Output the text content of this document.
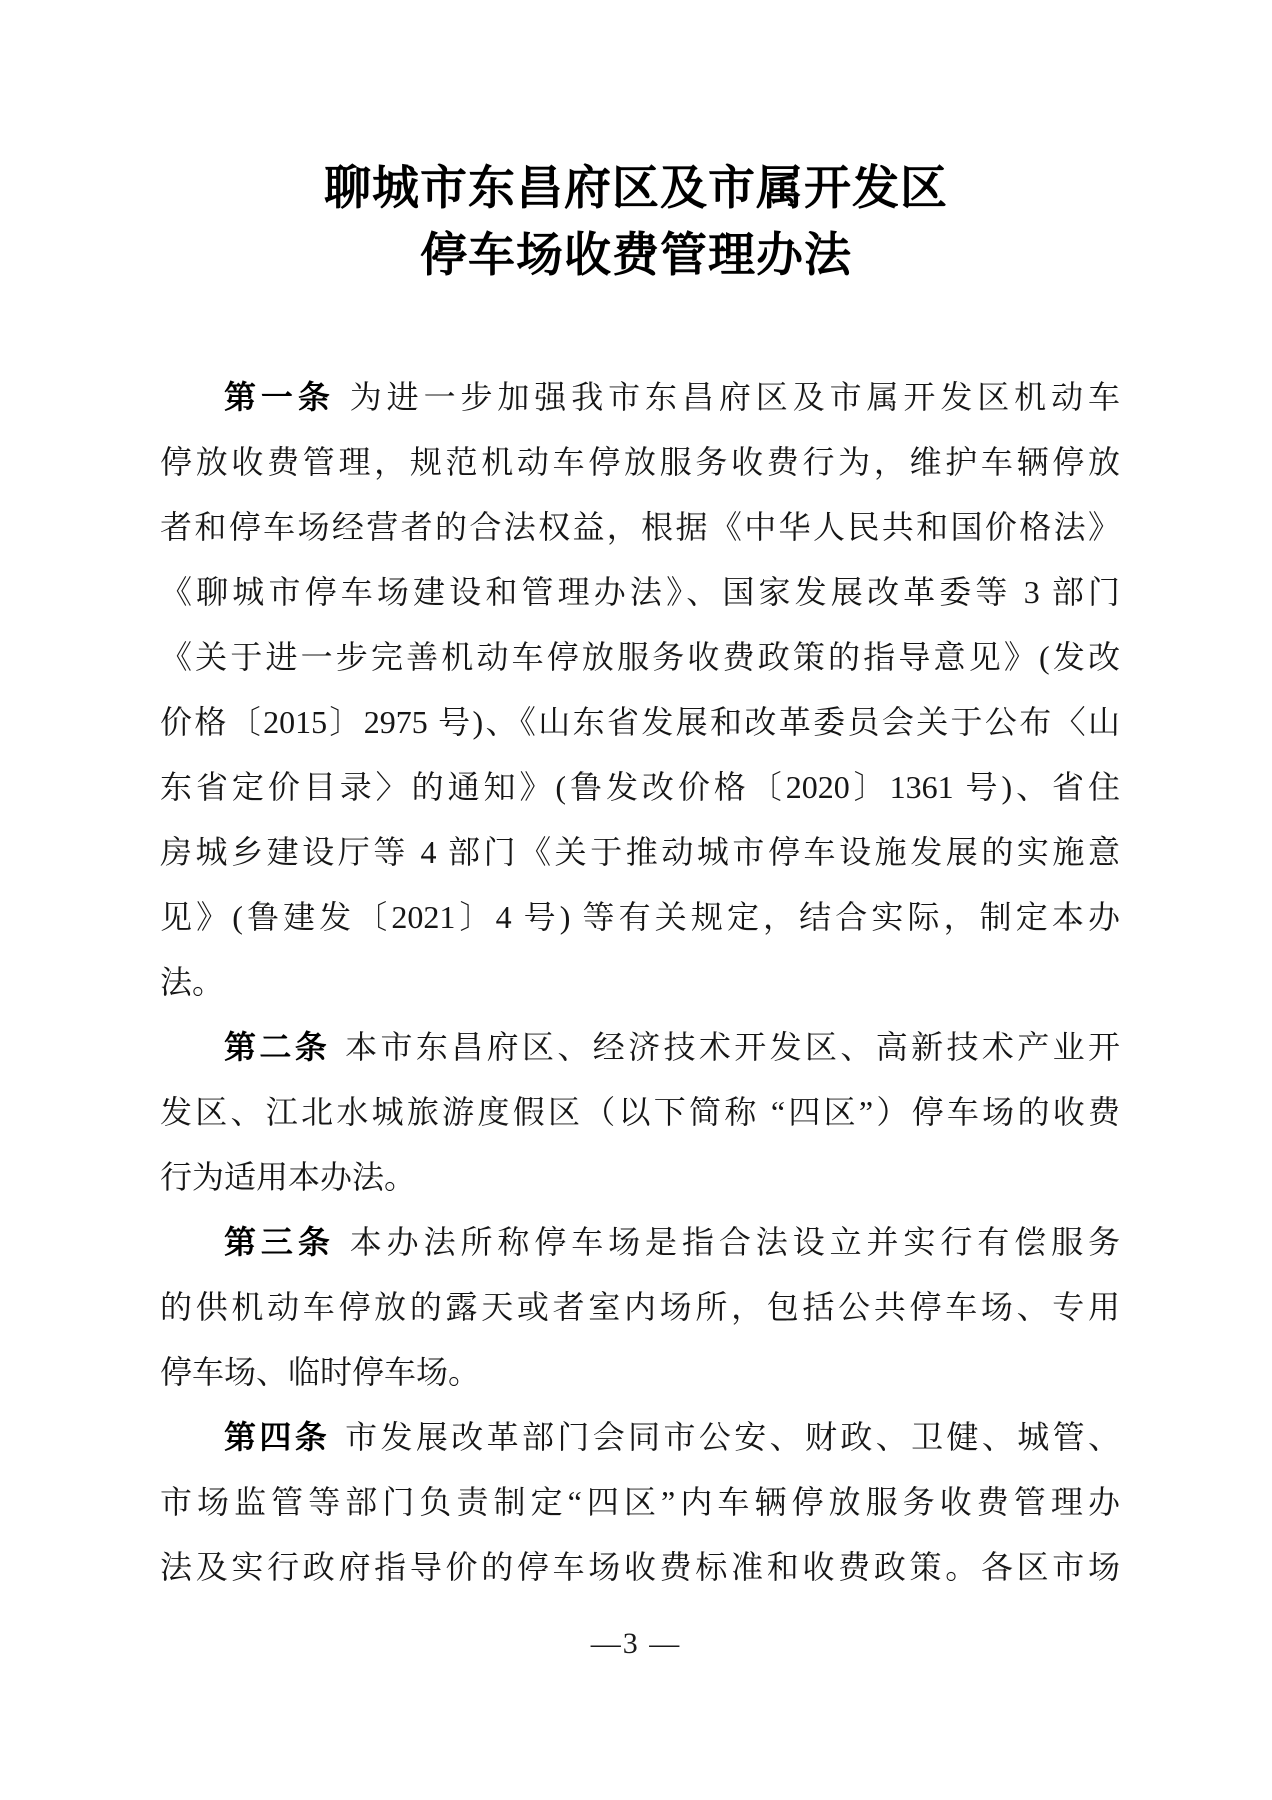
聊城市东昌府区及市属开发区
停车场收费管理办法
第一条 为进一步加强我市东昌府区及市属开发区机动车
停放收费管理，规范机动车停放服务收费行为，维护车辆停放
者和停车场经营者的合法权益，根据《中华人民共和国价格法》
《聊城市停车场建设和管理办法》、国家发展改革委等 3 部门
《关于进一步完善机动车停放服务收费政策的指导意见》(发改
价格〔2015〕2975 号)、《山东省发展和改革委员会关于公布〈山
东省定价目录〉的通知》(鲁发改价格〔2020〕1361 号)、省住
房城乡建设厅等 4 部门《关于推动城市停车设施发展的实施意
见》(鲁建发〔2021〕4 号) 等有关规定，结合实际，制定本办
法。
第二条 本市东昌府区、经济技术开发区、高新技术产业开
发区、江北水城旅游度假区（以下简称 “四区”）停车场的收费
行为适用本办法。
第三条 本办法所称停车场是指合法设立并实行有偿服务
的供机动车停放的露天或者室内场所，包括公共停车场、专用
停车场、临时停车场。
第四条 市发展改革部门会同市公安、财政、卫健、城管、
市场监管等部门负责制定“四区”内车辆停放服务收费管理办
法及实行政府指导价的停车场收费标准和收费政策。各区市场
—3 —
